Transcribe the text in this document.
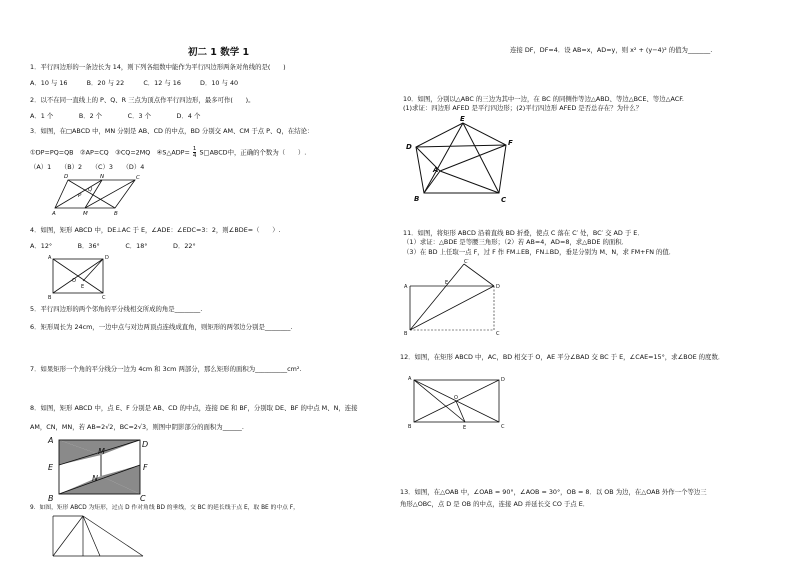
初二 1 数学 1
1．平行四边形的一条边长为 14，则下列各组数中能作为平行四边形两条对角线的是(　　)
A．10 与 16　　　B．20 与 22　　　C．12 与 16　　　D．10 与 40
2．以不在同一直线上的 P、Q、R 三点为顶点作平行四边形，最多可作(　　)。
A．1 个　　　　B．2 个　　　　C．3 个　　　　D．4 个
3．如图，在□ABCD 中，MN 分别是 AB、CD 的中点，BD 分别交 AM、CM 于点 P、Q，在结论：
①DP=PQ=QB　②AP=CQ　③CQ=2MQ　④S△ADP= $\frac{1}{4}$ S□ABCD中，正确的个数为（　　）.
（A）1　　（B）2　　（C）3　　（D）4
D	N	C
Q
P
A	M	B
4．如图，矩形 ABCD 中，DE⊥AC 于 E，∠ADE：∠EDC=3：2，则∠BDE=（　　）.
A．12°　　　　B．36°　　　　C．18°　　　　D．22°
A	D
O
E
B	C
5．平行四边形的两个邻角的平分线相交所成的角是________.
6．矩形周长为 24cm，一边中点与对边两顶点连线成直角，则矩形的两邻边分别是________.
7．如果矩形一个角的平分线分一边为 4cm 和 3cm 两部分，那么矩形的面积为__________cm².
8．如图，矩形 ABCD 中，点 E、F 分别是 AB、CD 的中点，连接 DE 和 BF，分别取 DE、BF 的中点 M、N，连接
AM，CN，MN，若 AB=2√2，BC=2√3，则图中阴影部分的面积为______.
A	D
E	F
M
N
B	C
9．如图，矩形 ABCD 为矩形，过点 D 作对角线 BD 的垂线，交 BC 的延长线于点 E，取 BE 的中点 F，
连接 DF，DF=4．设 AB=x，AD=y，则 x² + (y−4)² 的值为_______.
10．如图，分别以△ABC 的三边为其中一边，在 BC 的同侧作等边△ABD、等边△BCE、等边△ACF.
(1)求证：四边形 AFED 是平行四边形；(2)平行四边形 AFED 是否总存在？为什么？
E
D	F
A
B	C
11．如图，将矩形 ABCD 沿着直线 BD 折叠，使点 C 落在 C′ 处，BC′ 交 AD 于 E．
（1）求证：△BDE 是等腰三角形；（2）若 AB=4，AD=8，求△BDE 的面积．
（3）在 BD 上任取一点 F，过 F 作 FM⊥EB，FN⊥BD，垂足分别为 M、N，求 FM+FN 的值．
C′
A
E
D
B	C
12．如图，在矩形 ABCD 中，AC，BD 相交于 O，AE 平分∠BAD 交 BC 于 E，∠CAE=15°，求∠BOE 的度数．
A	D
O
B	E	C
13．如图，在△OAB 中，∠OAB = 90°，∠AOB = 30°，OB = 8．以 OB 为边，在△OAB 外作一个等边三
角形△OBC，点 D 是 OB 的中点，连接 AD 并延长交 CO 于点 E．
